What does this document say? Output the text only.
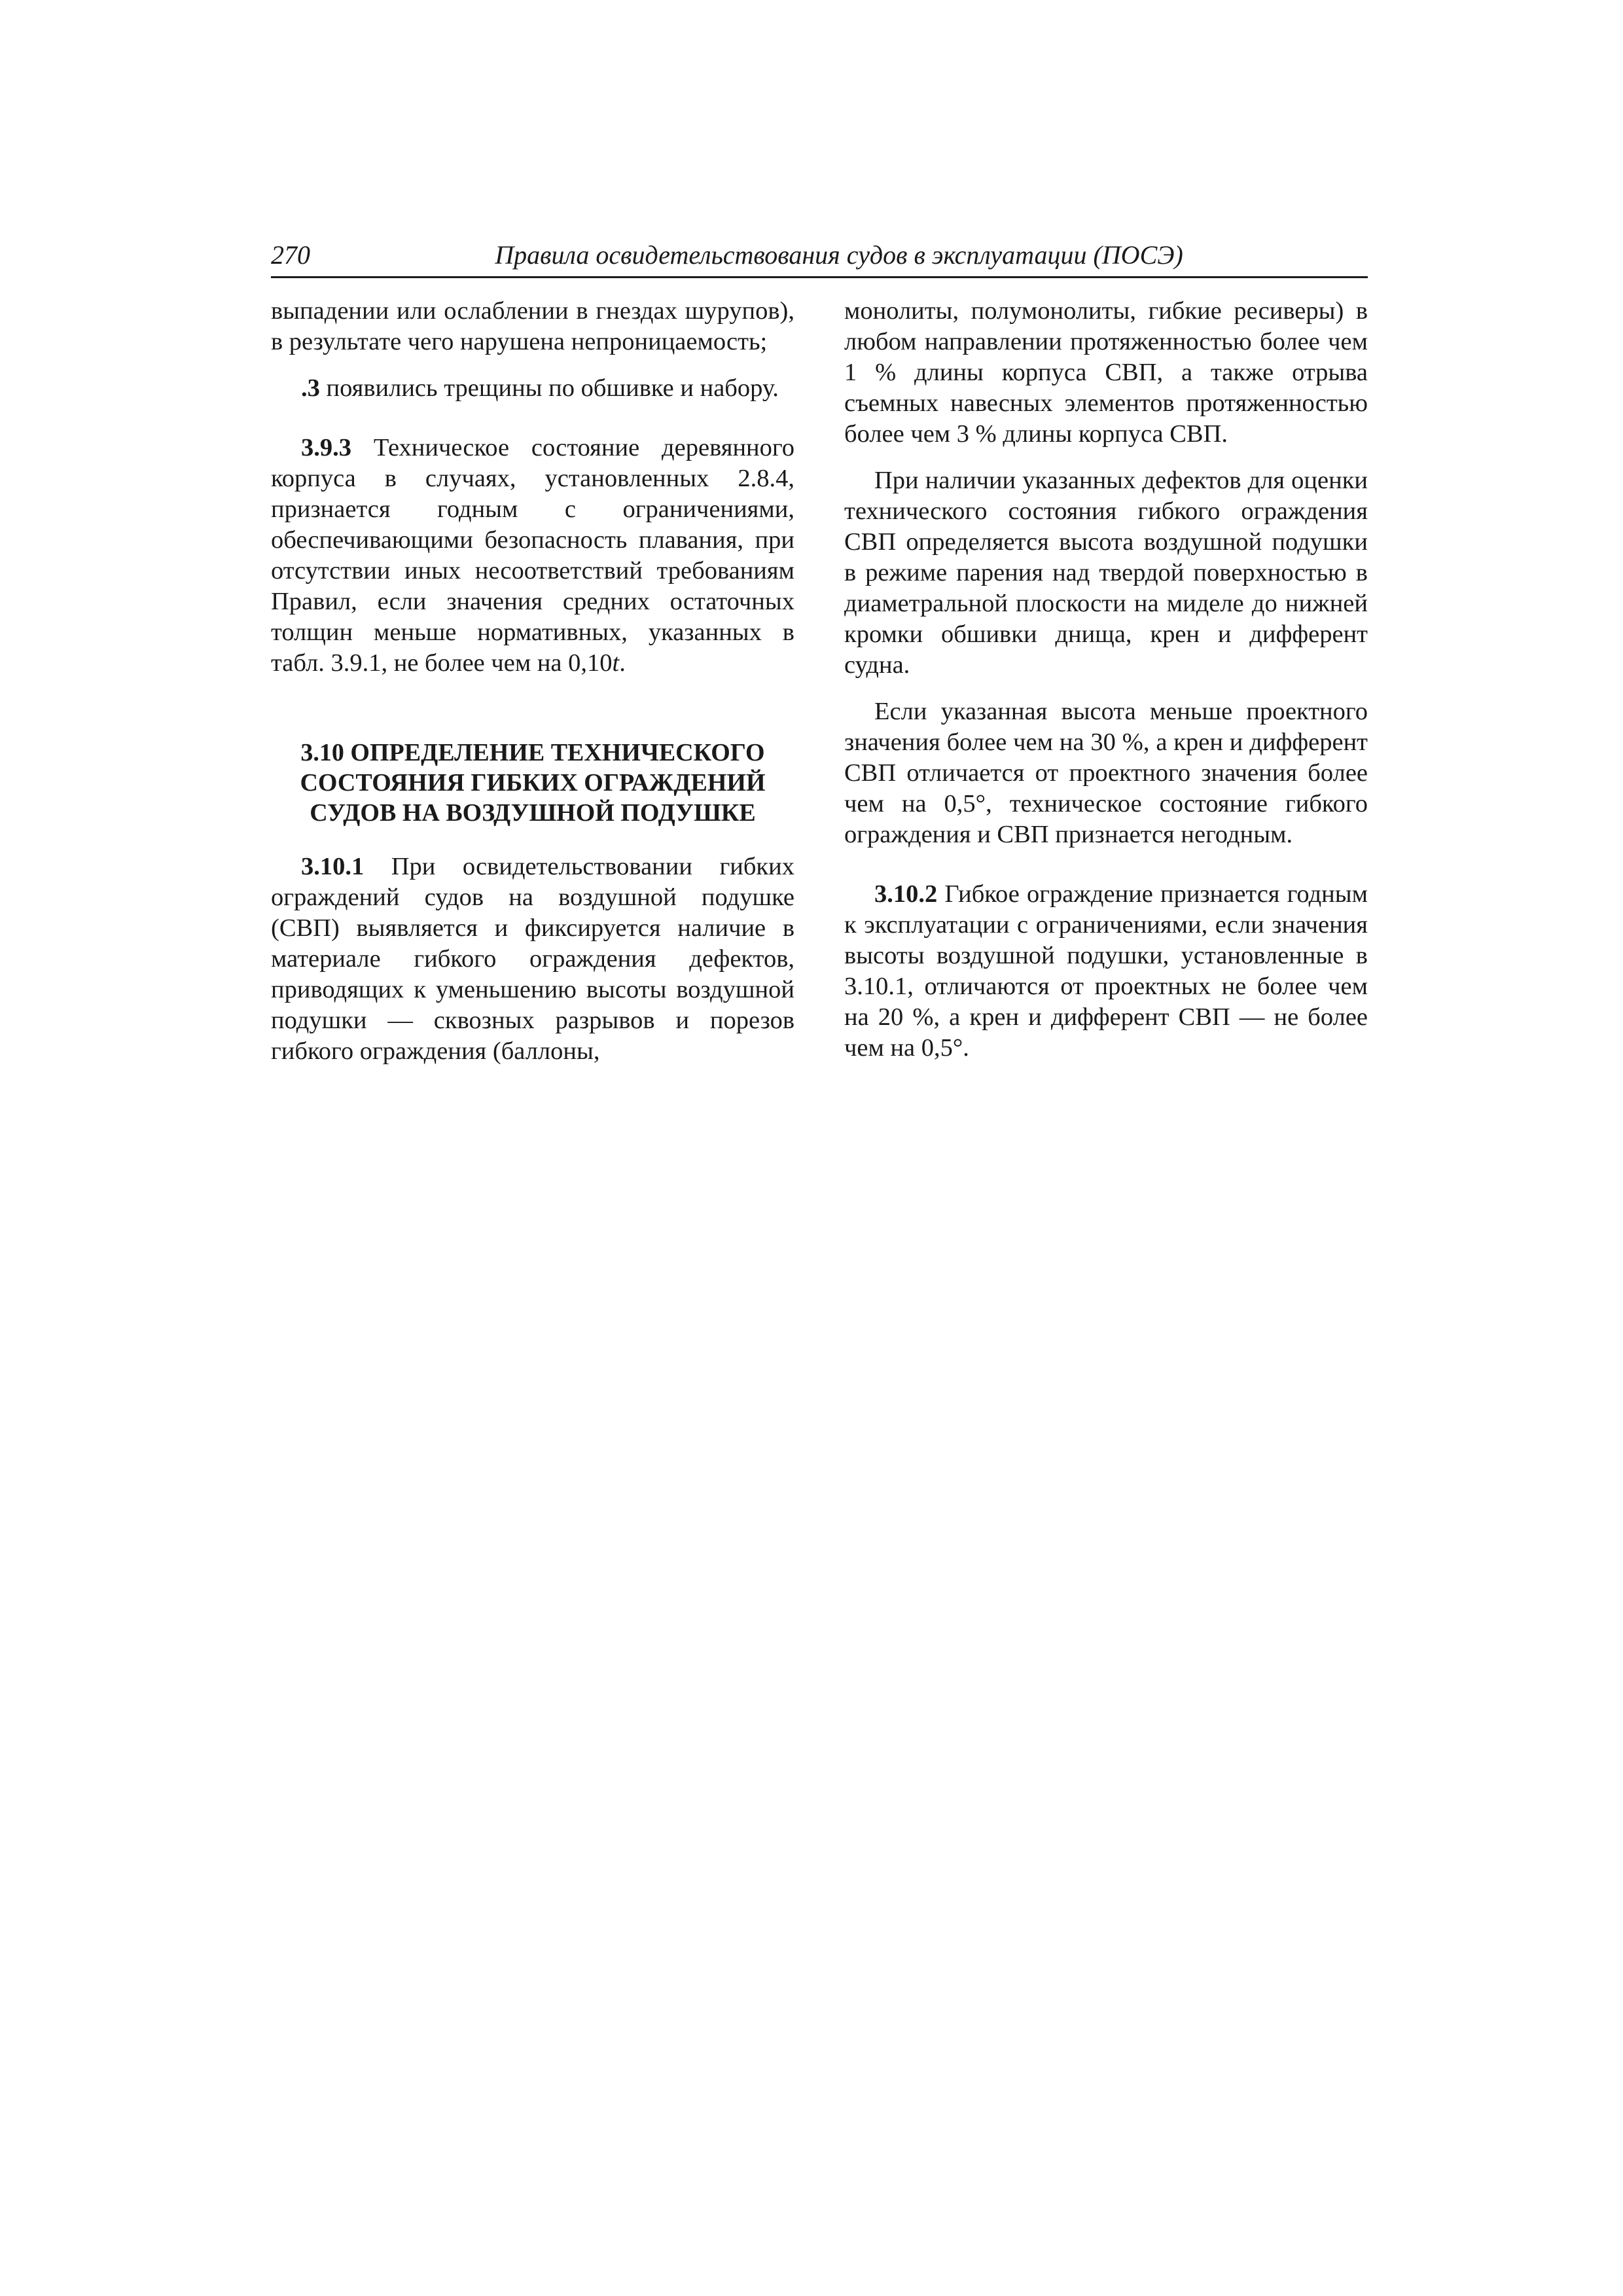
270	Правила освидетельствования судов в эксплуатации (ПОСЭ)

выпадении или ослаблении в гнездах шурупов), в результате чего нарушена непроницаемость;

.3 появились трещины по обшивке и набору.

3.9.3 Техническое состояние деревянного корпуса в случаях, установленных 2.8.4, признается годным с ограничениями, обеспечивающими безопасность плавания, при отсутствии иных несоответствий требованиям Правил, если значения средних остаточных толщин меньше нормативных, указанных в табл. 3.9.1, не более чем на 0,10t.

3.10 ОПРЕДЕЛЕНИЕ ТЕХНИЧЕСКОГО
СОСТОЯНИЯ ГИБКИХ ОГРАЖДЕНИЙ
СУДОВ НА ВОЗДУШНОЙ ПОДУШКЕ

3.10.1 При освидетельствовании гибких ограждений судов на воздушной подушке (СВП) выявляется и фиксируется наличие в материале гибкого ограждения дефектов, приводящих к уменьшению высоты воздушной подушки — сквозных разрывов и порезов гибкого ограждения (баллоны,

монолиты, полумонолиты, гибкие ресиверы) в любом направлении протяженностью более чем 1 % длины корпуса СВП, а также отрыва съемных навесных элементов протяженностью более чем 3 % длины корпуса СВП.

При наличии указанных дефектов для оценки технического состояния гибкого ограждения СВП определяется высота воздушной подушки в режиме парения над твердой поверхностью в диаметральной плоскости на миделе до нижней кромки обшивки днища, крен и дифферент судна.

Если указанная высота меньше проектного значения более чем на 30 %, а крен и дифферент СВП отличается от проектного значения более чем на 0,5°, техническое состояние гибкого ограждения и СВП признается негодным.

3.10.2 Гибкое ограждение признается годным к эксплуатации с ограничениями, если значения высоты воздушной подушки, установленные в 3.10.1, отличаются от проектных не более чем на 20 %, а крен и дифферент СВП — не более чем на 0,5°.
